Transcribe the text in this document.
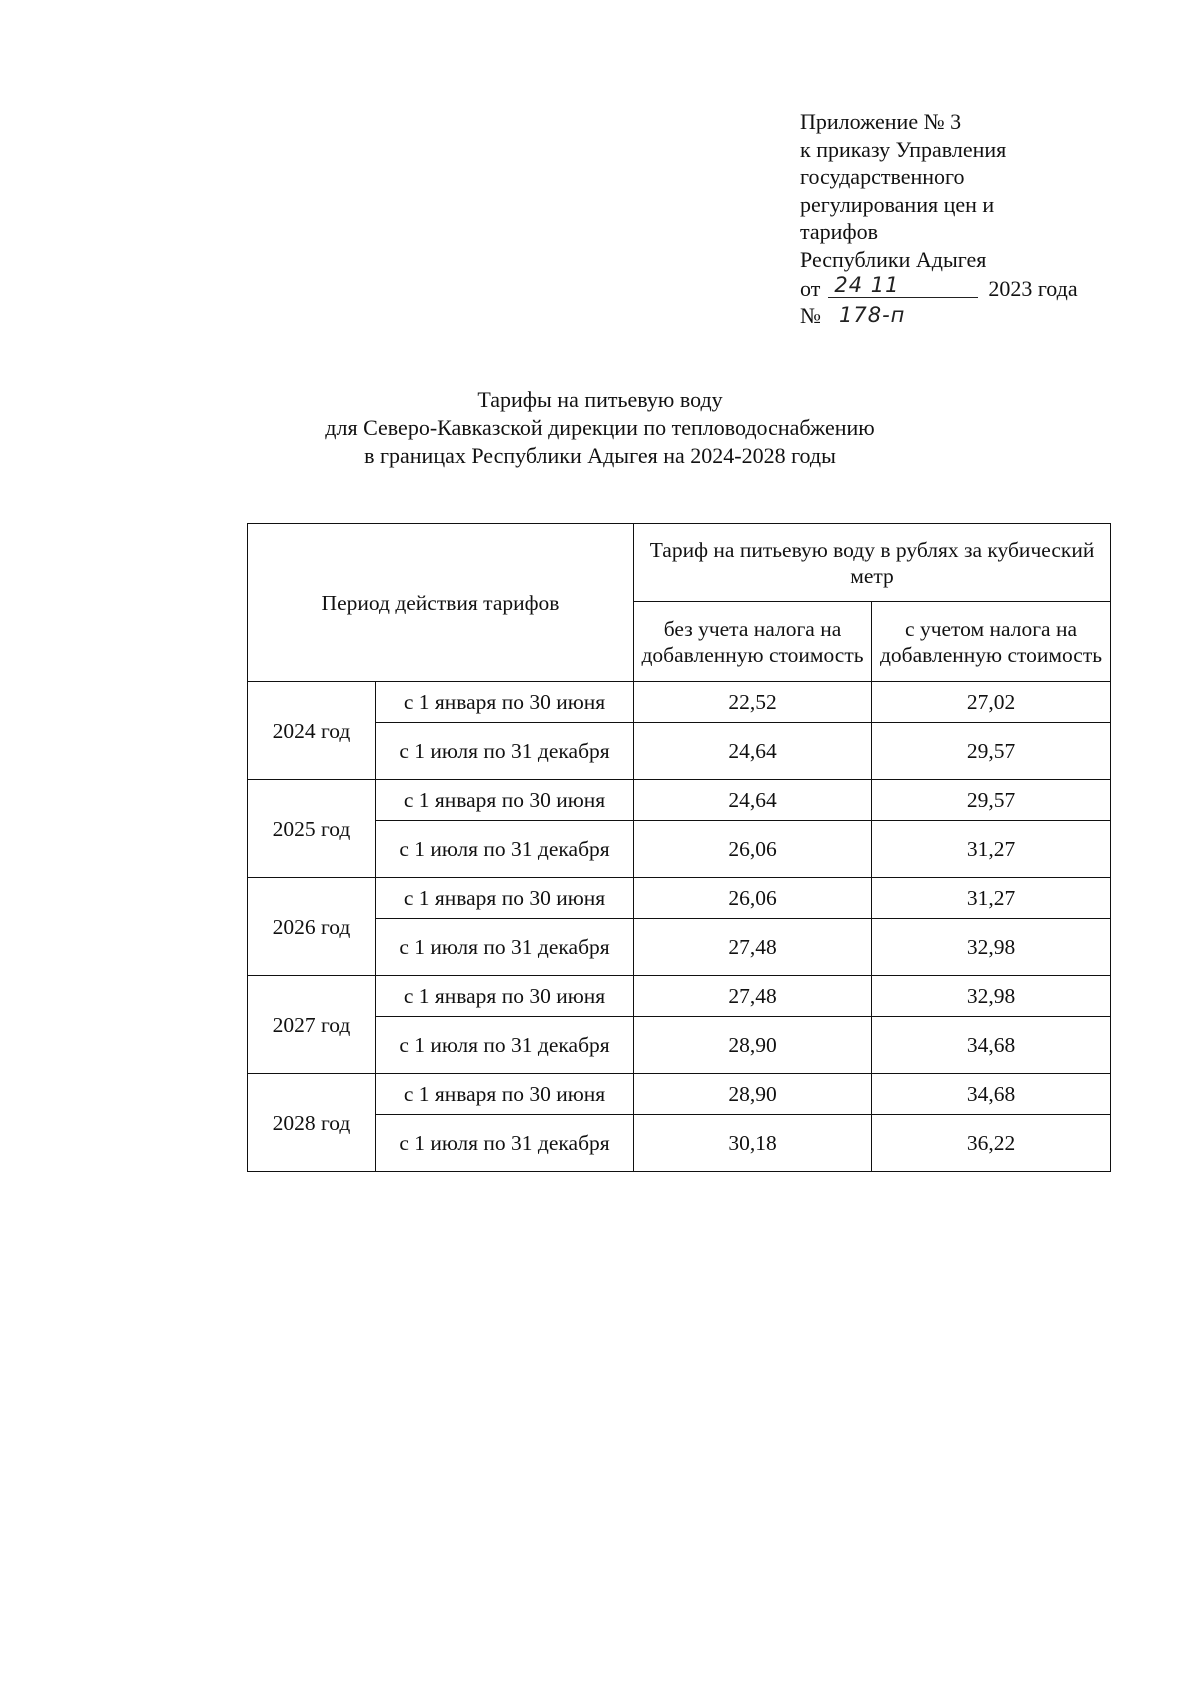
Приложение № 3
к приказу Управления
государственного
регулирования цен и
тарифов
Республики Адыгея
от 24 11	2023 года
№ 178-п
Тарифы на питьевую воду
для Северо-Кавказской дирекции по тепловодоснабжению
в границах Республики Адыгея на 2024-2028 годы
Период действия тарифов		Тариф на питьевую воду в рублях за кубический метр	
		без учета налога на добавленную стоимость	с учетом налога на добавленную стоимость
2024 год	с 1 января по 30 июня	22,52	27,02
	с 1 июля по 31 декабря	24,64	29,57
2025 год	с 1 января по 30 июня	24,64	29,57
	с 1 июля по 31 декабря	26,06	31,27
2026 год	с 1 января по 30 июня	26,06	31,27
	с 1 июля по 31 декабря	27,48	32,98
2027 год	с 1 января по 30 июня	27,48	32,98
	с 1 июля по 31 декабря	28,90	34,68
2028 год	с 1 января по 30 июня	28,90	34,68
	с 1 июля по 31 декабря	30,18	36,22
